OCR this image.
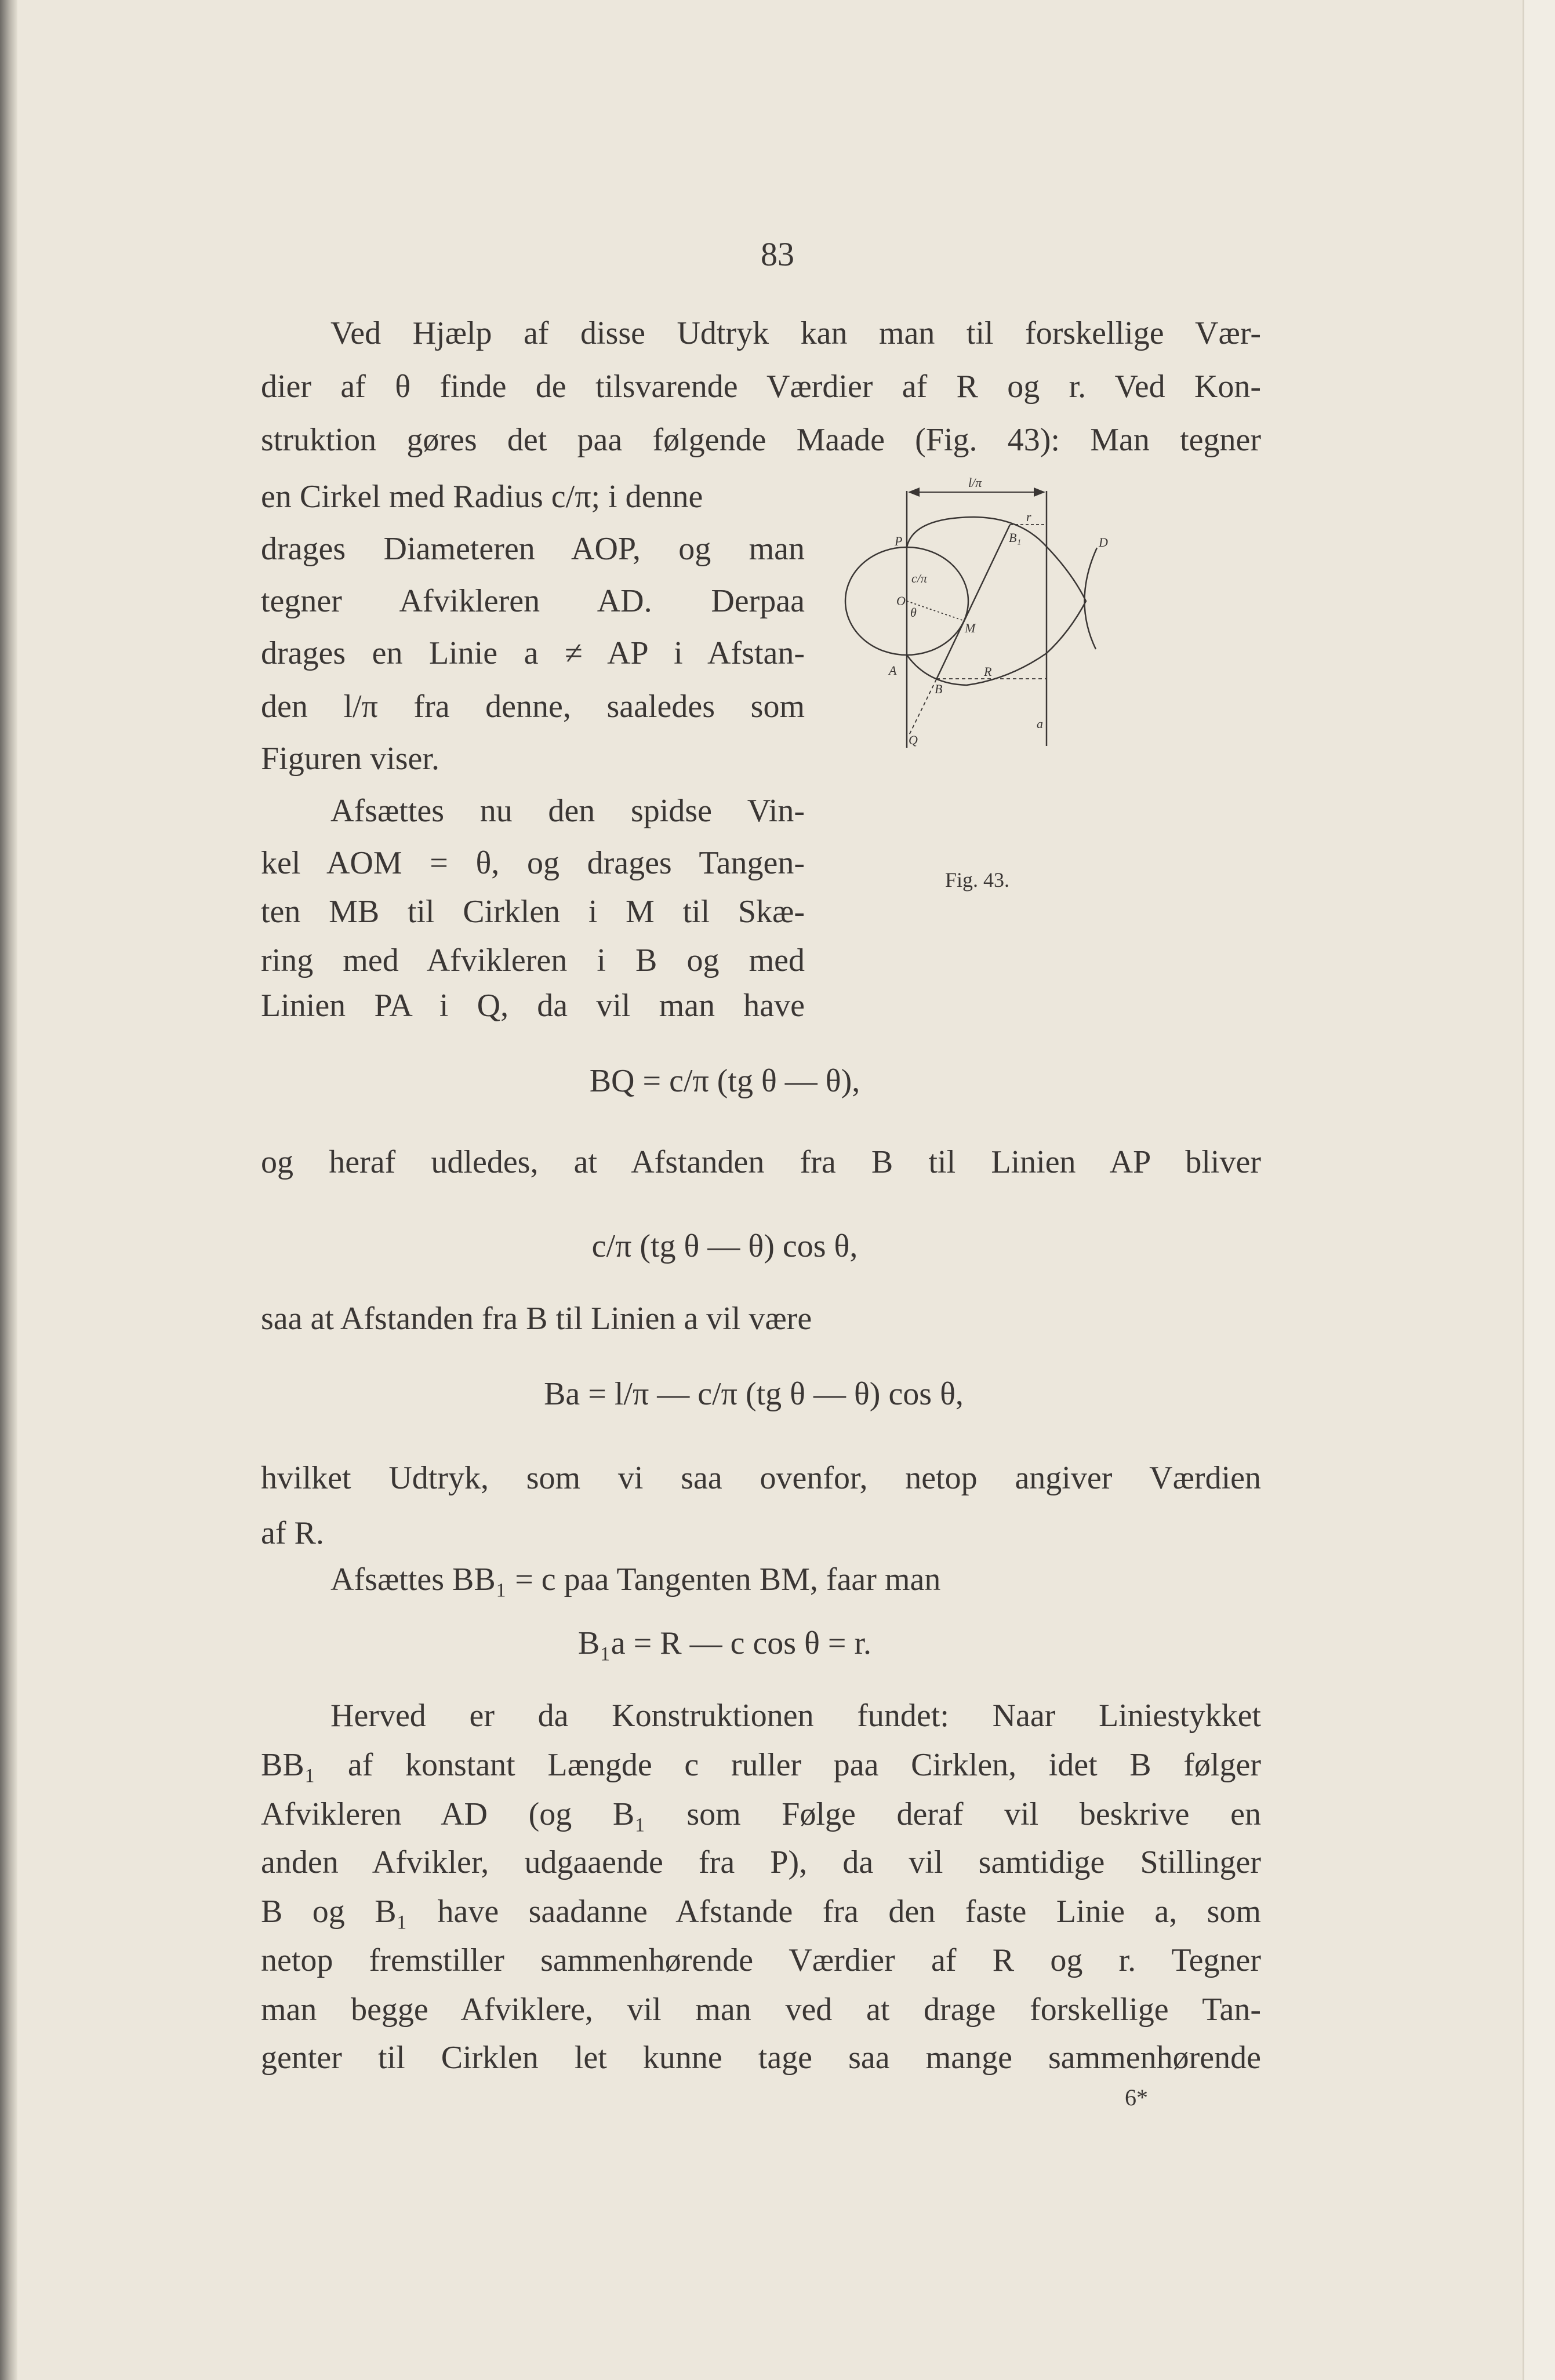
83
Ved Hjælp af disse Udtryk kan man til forskellige Vær-
dier af θ finde de tilsvarende Værdier af R og r. Ved Kon-
struktion gøres det paa følgende Maade (Fig. 43): Man tegner
en Cirkel med Radius c/π; i denne
drages Diameteren AOP, og man
tegner Afvikleren AD. Derpaa
drages en Linie a ≠ AP i Afstan-
den l/π fra denne, saaledes som
Figuren viser.
Afsættes nu den spidse Vin-
kel AOM = θ, og drages Tangen-
ten MB til Cirklen i M til Skæ-
ring med Afvikleren i B og med
Linien PA i Q, da vil man have
BQ = c/π (tg θ — θ),
og heraf udledes, at Afstanden fra B til Linien AP bliver
c/π (tg θ — θ) cos θ,
saa at Afstanden fra B til Linien a vil være
Ba = l/π — c/π (tg θ — θ) cos θ,
hvilket Udtryk, som vi saa ovenfor, netop angiver Værdien
af R.
Afsættes BB₁ = c paa Tangenten BM, faar man
B₁a = R — c cos θ = r.
Herved er da Konstruktionen fundet: Naar Liniestykket
BB₁ af konstant Længde c ruller paa Cirklen, idet B følger
Afvikleren AD (og B₁ som Følge deraf vil beskrive en
anden Afvikler, udgaaende fra P), da vil samtidige Stillinger
B og B₁ have saadanne Afstande fra den faste Linie a, som
netop fremstiller sammenhørende Værdier af R og r. Tegner
man begge Afviklere, vil man ved at drage forskellige Tan-
genter til Cirklen let kunne tage saa mange sammenhørende
6*
l/π
r
P	B₁	D
c/π
O
θ
M
A	R
B
a
Q
Fig. 43.
